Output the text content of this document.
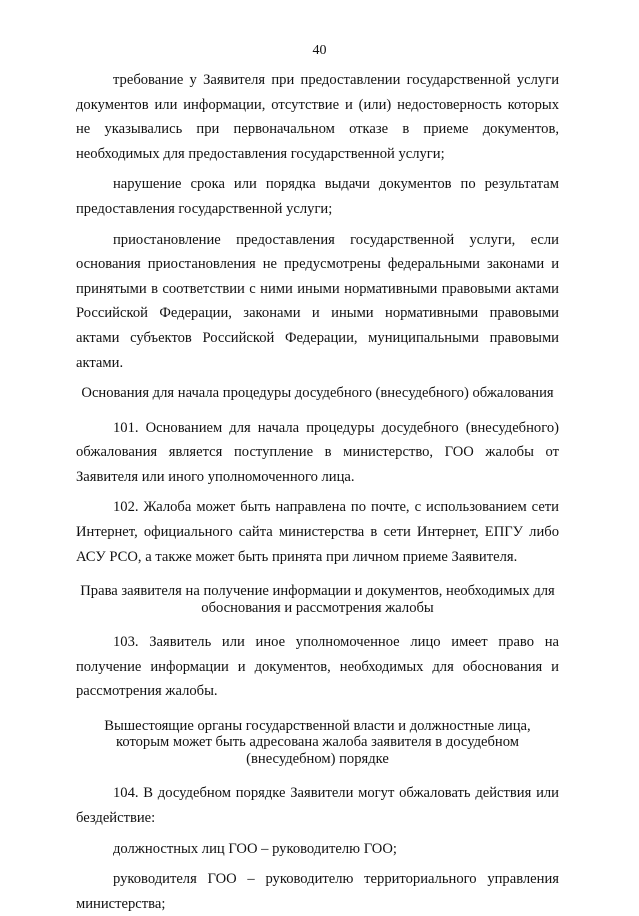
40

требование у Заявителя при предоставлении государственной услуги документов или информации, отсутствие и (или) недостоверность которых не указывались при первоначальном отказе в приеме документов, необходимых для предоставления государственной услуги;

нарушение срока или порядка выдачи документов по результатам предоставления государственной услуги;

приостановление предоставления государственной услуги, если основания приостановления не предусмотрены федеральными законами и принятыми в соответствии с ними иными нормативными правовыми актами Российской Федерации, законами и иными нормативными правовыми актами субъектов Российской Федерации, муниципальными правовыми актами.

Основания для начала процедуры досудебного (внесудебного) обжалования

101. Основанием для начала процедуры досудебного (внесудебного) обжалования является поступление в министерство, ГОО жалобы от Заявителя или иного уполномоченного лица.

102. Жалоба может быть направлена по почте, с использованием сети Интернет, официального сайта министерства в сети Интернет, ЕПГУ либо АСУ РСО, а также может быть принята при личном приеме Заявителя.

Права заявителя на получение информации и документов, необходимых для обоснования и рассмотрения жалобы

103. Заявитель или иное уполномоченное лицо имеет право на получение информации и документов, необходимых для обоснования и рассмотрения жалобы.

Вышестоящие органы государственной власти и должностные лица, которым может быть адресована жалоба заявителя в досудебном (внесудебном) порядке

104. В досудебном порядке Заявители могут обжаловать действия или бездействие:

должностных лиц ГОО – руководителю ГОО;

руководителя ГОО – руководителю территориального управления министерства;
